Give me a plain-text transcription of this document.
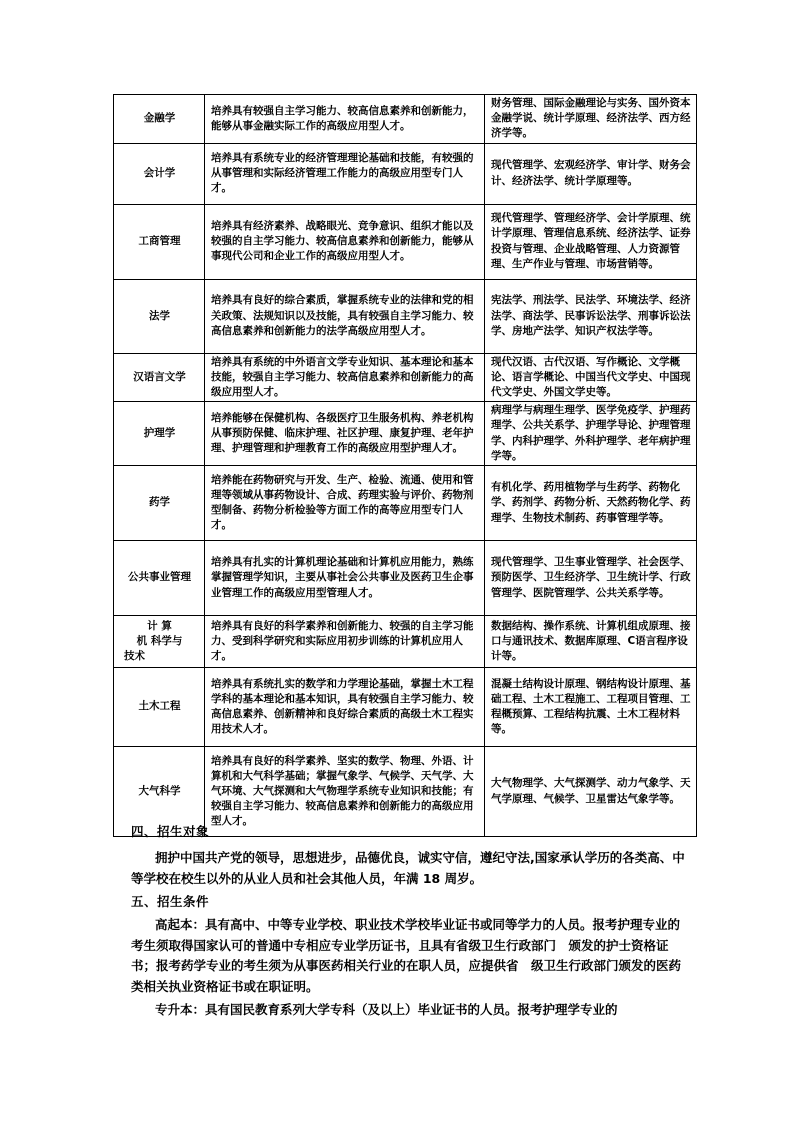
金融学	培养具有较强自主学习能力、较高信息素养和创新能力，能够从事金融实际工作的高级应用型人才。	财务管理、国际金融理论与实务、国外资本金融学说、统计学原理、经济法学、西方经济学等。
会计学	培养具有系统专业的经济管理理论基础和技能，有较强的从事管理和实际经济管理工作能力的高级应用型专门人才。	现代管理学、宏观经济学、审计学、财务会计、经济法学、统计学原理等。
工商管理	培养具有经济素养、战略眼光、竞争意识、组织才能以及较强的自主学习能力、较高信息素养和创新能力，能够从事现代公司和企业工作的高级应用型人才。	现代管理学、管理经济学、会计学原理、统计学原理、管理信息系统、经济法学、证券投资与管理、企业战略管理、人力资源管理、生产作业与管理、市场营销等。
法学	培养具有良好的综合素质，掌握系统专业的法律和党的相关政策、法规知识以及技能，具有较强自主学习能力、较高信息素养和创新能力的法学高级应用型人才。	宪法学、刑法学、民法学、环境法学、经济法学、商法学、民事诉讼法学、刑事诉讼法学、房地产法学、知识产权法学等。
汉语言文学	培养具有系统的中外语言文学专业知识、基本理论和基本技能，较强自主学习能力、较高信息素养和创新能力的高级应用型人才。	现代汉语、古代汉语、写作概论、文学概论、语言学概论、中国当代文学史、中国现代文学史、外国文学史等。
护理学	培养能够在保健机构、各级医疗卫生服务机构、养老机构从事预防保健、临床护理、社区护理、康复护理、老年护理、护理管理和护理教育工作的高级应用型护理人才。	病理学与病理生理学、医学免疫学、护理药理学、公共关系学、护理学导论、护理管理学、内科护理学、外科护理学、老年病护理学等。
药学	培养能在药物研究与开发、生产、检验、流通、使用和管理等领域从事药物设计、合成、药理实验与评价、药物剂型制备、药物分析检验等方面工作的高等应用型专门人才。	有机化学、药用植物学与生药学、药物化学、药剂学、药物分析、天然药物化学、药理学、生物技术制药、药事管理学等。
公共事业管理	培养具有扎实的计算机理论基础和计算机应用能力，熟练掌握管理学知识，主要从事社会公共事业及医药卫生企事业管理工作的高级应用型管理人才。	现代管理学、卫生事业管理学、社会医学、预防医学、卫生经济学、卫生统计学、行政管理学、医院管理学、公共关系学等。

计 算
机 科学与
技术	培养具有良好的科学素养和创新能力、较强的自主学习能力、受到科学研究和实际应用初步训练的计算机应用人才。	数据结构、操作系统、计算机组成原理、接口与通讯技术、数据库原理、C语言程序设计等。
土木工程	培养具有系统扎实的数学和力学理论基础，掌握土木工程学科的基本理论和基本知识，具有较强自主学习能力、较高信息素养、创新精神和良好综合素质的高级土木工程实用技术人才。	混凝土结构设计原理、钢结构设计原理、基础工程、土木工程施工、工程项目管理、工程概预算、工程结构抗震、土木工程材料等。
大气科学	培养具有良好的科学素养、坚实的数学、物理、外语、计算机和大气科学基础；掌握气象学、气候学、天气学、大气环境、大气探测和大气物理学系统专业知识和技能；有较强自主学习能力、较高信息素养和创新能力的高级应用型人才。	大气物理学、大气探测学、动力气象学、天气学原理、气候学、卫星雷达气象学等。
四、招生对象
拥护中国共产党的领导，思想进步，品德优良，诚实守信，遵纪守法,国家承认学历的各类高、中等学校在校生以外的从业人员和社会其他人员，年满 18 周岁。
五、招生条件
高起本：具有高中、中等专业学校、职业技术学校毕业证书或同等学力的人员。报考护理专业的考生须取得国家认可的普通中专相应专业学历证书，且具有省级卫生行政部门　颁发的护士资格证书；报考药学专业的考生须为从事医药相关行业的在职人员，应提供省　级卫生行政部门颁发的医药类相关执业资格证书或在职证明。
专升本：具有国民教育系列大学专科（及以上）毕业证书的人员。报考护理学专业的
